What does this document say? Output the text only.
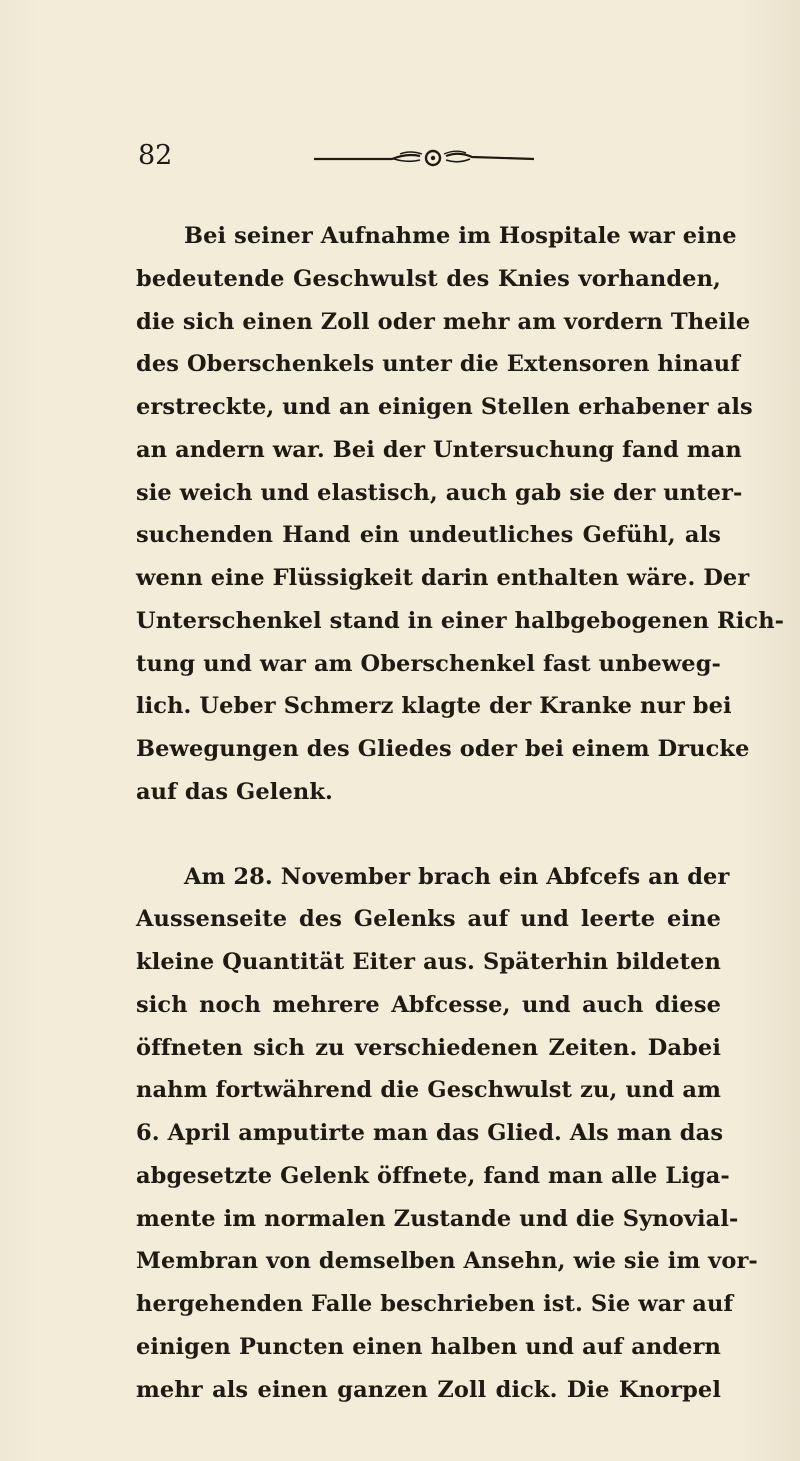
82
Bei seiner Aufnahme im Hospitale war eine
bedeutende Geschwulst des Knies vorhanden,
die sich einen Zoll oder mehr am vordern Theile
des Oberschenkels unter die Extensoren hinauf
erstreckte, und an einigen Stellen erhabener als
an andern war. Bei der Untersuchung fand man
sie weich und elastisch, auch gab sie der unter-
suchenden Hand ein undeutliches Gefühl, als
wenn eine Flüssigkeit darin enthalten wäre. Der
Unterschenkel stand in einer halbgebogenen Rich-
tung und war am Oberschenkel fast unbeweg-
lich. Ueber Schmerz klagte der Kranke nur bei
Bewegungen des Gliedes oder bei einem Drucke
auf das Gelenk.
Am 28. November brach ein Abfcefs an der
Aussenseite des Gelenks auf und leerte eine
kleine Quantität Eiter aus. Späterhin bildeten
sich noch mehrere Abfcesse, und auch diese
öffneten sich zu verschiedenen Zeiten. Dabei
nahm fortwährend die Geschwulst zu, und am
6. April amputirte man das Glied. Als man das
abgesetzte Gelenk öffnete, fand man alle Liga-
mente im normalen Zustande und die Synovial-
Membran von demselben Ansehn, wie sie im vor-
hergehenden Falle beschrieben ist. Sie war auf
einigen Puncten einen halben und auf andern
mehr als einen ganzen Zoll dick. Die Knorpel
